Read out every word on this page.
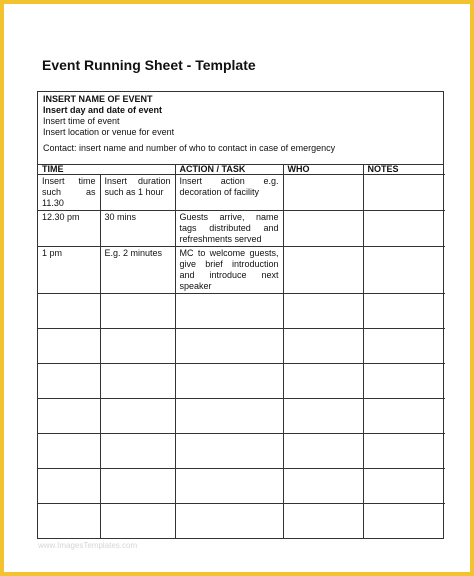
Event Running Sheet - Template
INSERT NAME OF EVENT
Insert day and date of event
Insert time of event
Insert location or venue for event
Contact: insert name and number of who to contact in case of emergency
TIME		ACTION / TASK	WHO	NOTES
Insert time such as 11.30	Insert duration such as 1 hour	Insert action e.g. decoration of facility		
12.30 pm	30 mins	Guests arrive, name tags distributed and refreshments served		
1 pm	E.g. 2 minutes	MC to welcome guests, give brief introduction and introduce next speaker		

www.ImagesTemplates.com
